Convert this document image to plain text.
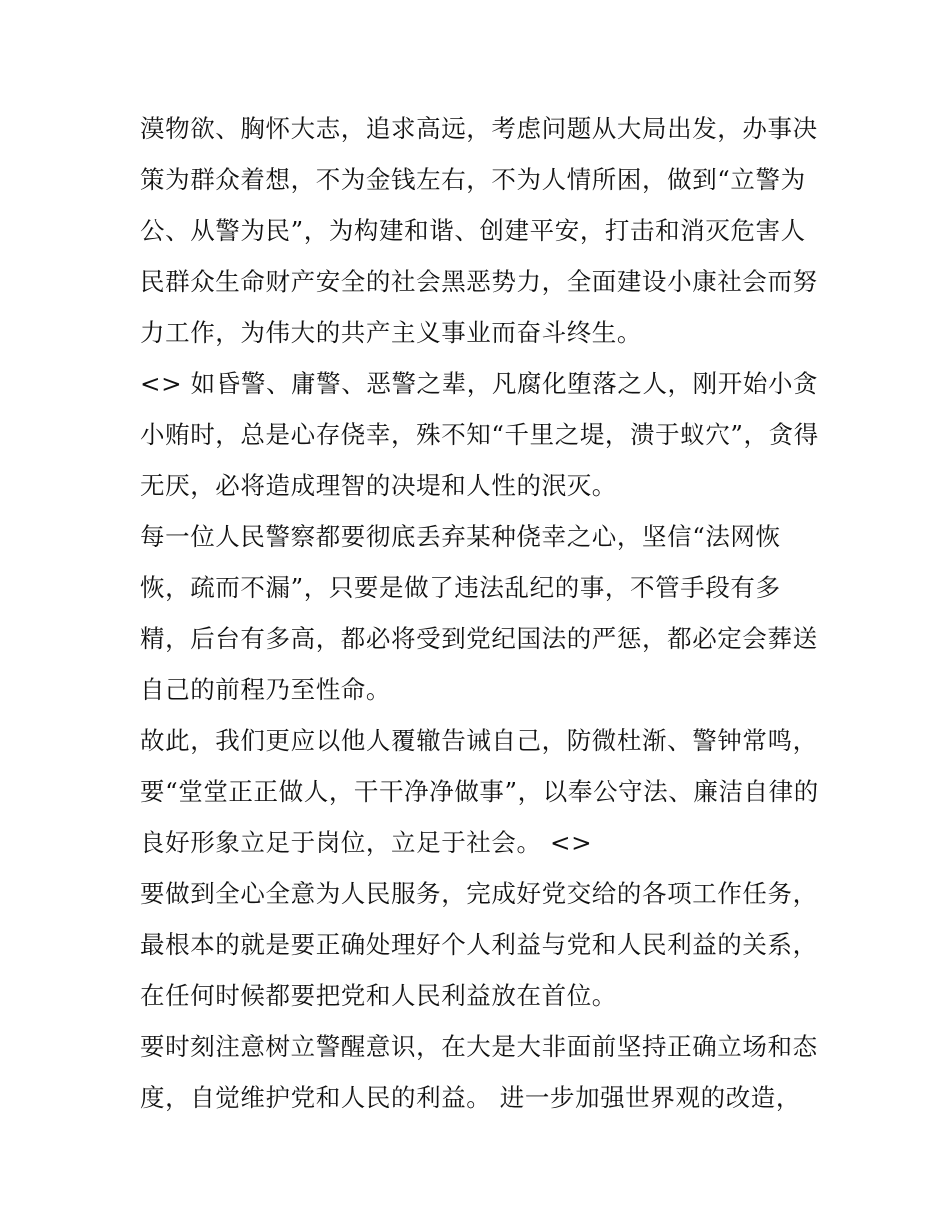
漠物欲、胸怀大志，追求高远，考虑问题从大局出发，办事决
策为群众着想，不为金钱左右，不为人情所困，做到“立警为
公、从警为民”，为构建和谐、创建平安，打击和消灭危害人
民群众生命财产安全的社会黑恶势力，全面建设小康社会而努
力工作，为伟大的共产主义事业而奋斗终生。
<> 如昏警、庸警、恶警之辈，凡腐化堕落之人，刚开始小贪
小贿时，总是心存侥幸，殊不知“千里之堤，溃于蚁穴”，贪得
无厌，必将造成理智的决堤和人性的泯灭。
每一位人民警察都要彻底丢弃某种侥幸之心，坚信“法网恢
恢，疏而不漏”，只要是做了违法乱纪的事，不管手段有多
精，后台有多高，都必将受到党纪国法的严惩，都必定会葬送
自己的前程乃至性命。
故此，我们更应以他人覆辙告诫自己，防微杜渐、警钟常鸣，
要“堂堂正正做人，干干净净做事”，以奉公守法、廉洁自律的
良好形象立足于岗位，立足于社会。 <>
要做到全心全意为人民服务，完成好党交给的各项工作任务，
最根本的就是要正确处理好个人利益与党和人民利益的关系，
在任何时候都要把党和人民利益放在首位。
要时刻注意树立警醒意识，在大是大非面前坚持正确立场和态
度，自觉维护党和人民的利益。 进一步加强世界观的改造，
